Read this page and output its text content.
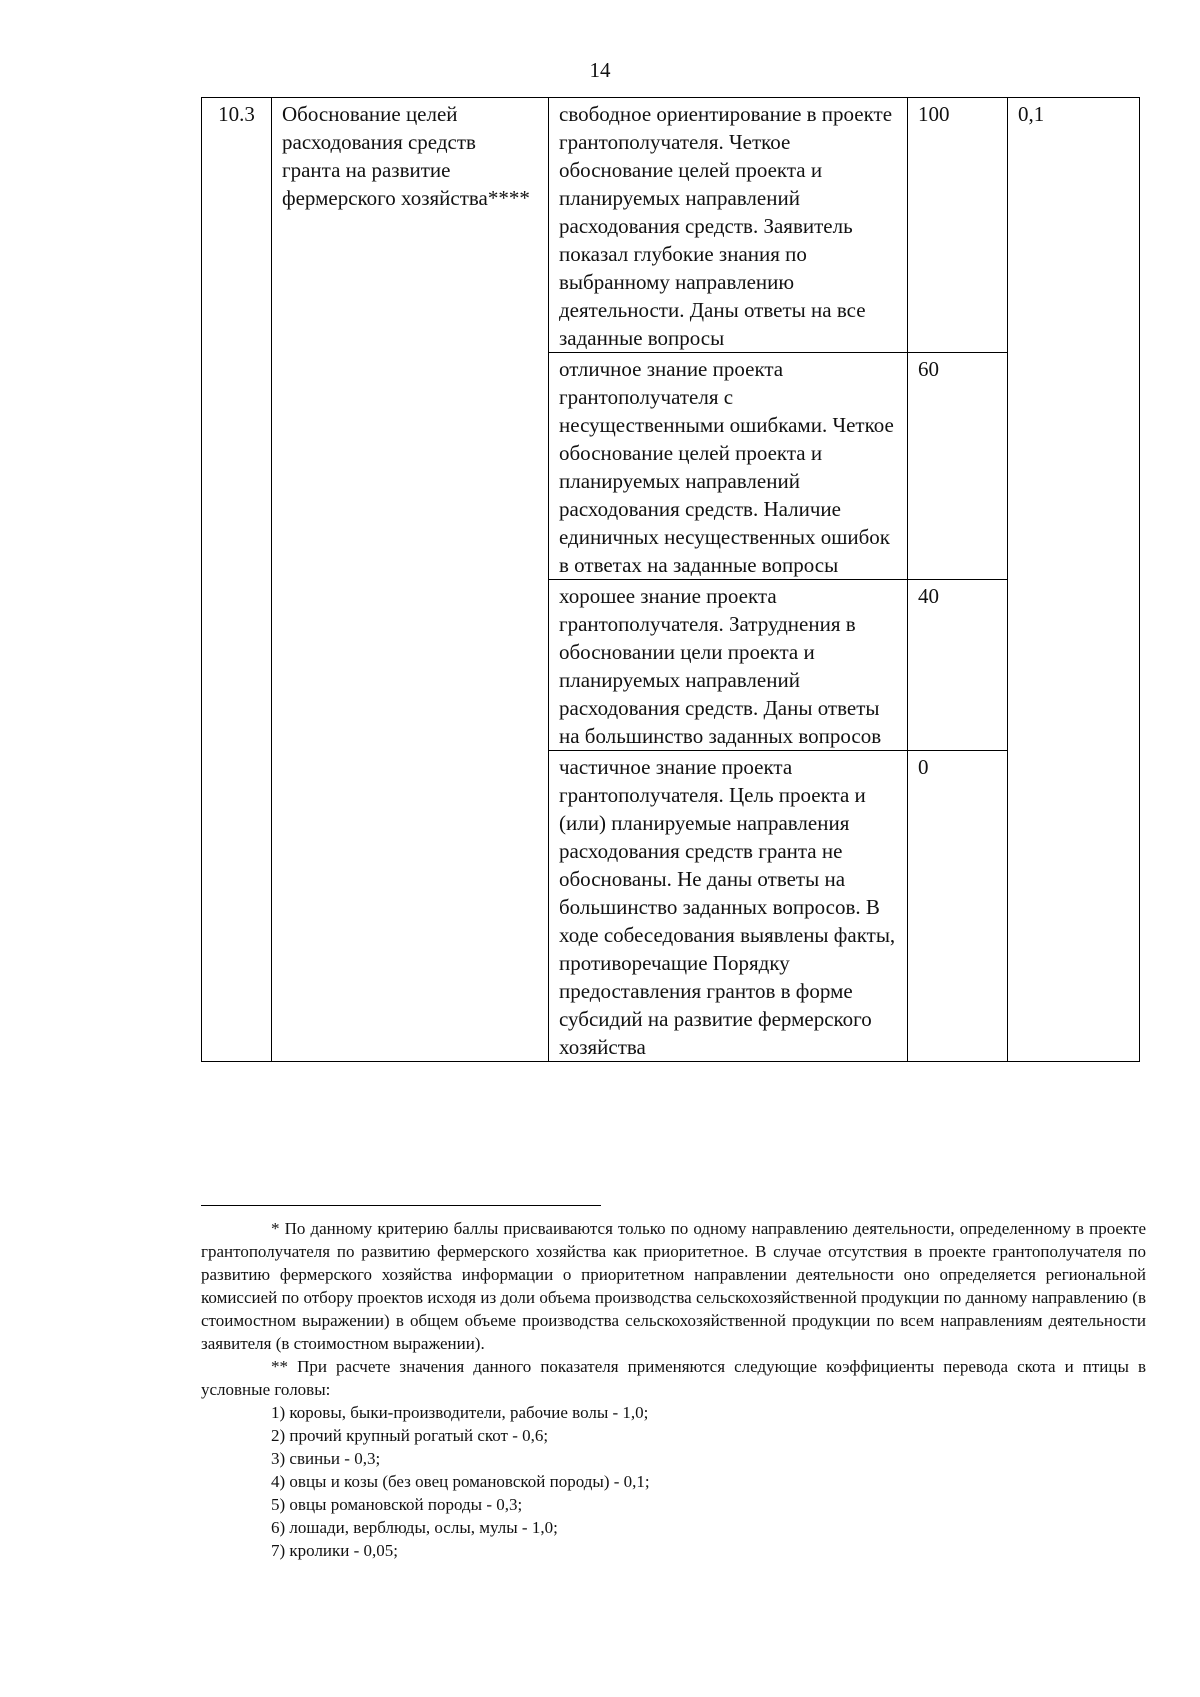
14
10.3	Обоснование целей расходования средств гранта на развитие фермерского хозяйства****	свободное ориентирование в проекте грантополучателя. Четкое обоснование целей проекта и планируемых направлений расходования средств. Заявитель показал глубокие знания по выбранному направлению деятельности. Даны ответы на все заданные вопросы	100	0,1
		отличное знание проекта грантополучателя с несущественными ошибками. Четкое обоснование целей проекта и планируемых направлений расходования средств. Наличие единичных несущественных ошибок в ответах на заданные вопросы	60	
		хорошее знание проекта грантополучателя. Затруднения в обосновании цели проекта и планируемых направлений расходования средств. Даны ответы на большинство заданных вопросов	40	
		частичное знание проекта грантополучателя. Цель проекта и (или) планируемые направления расходования средств гранта не обоснованы. Не даны ответы на большинство заданных вопросов. В ходе собеседования выявлены факты, противоречащие Порядку предоставления грантов в форме субсидий на развитие фермерского хозяйства	0	

* По данному критерию баллы присваиваются только по одному направлению деятельности, определенному в проекте грантополучателя по развитию фермерского хозяйства как приоритетное. В случае отсутствия в проекте грантополучателя по развитию фермерского хозяйства информации о приоритетном направлении деятельности оно определяется региональной комиссией по отбору проектов исходя из доли объема производства сельскохозяйственной продукции по данному направлению (в стоимостном выражении) в общем объеме производства сельскохозяйственной продукции по всем направлениям деятельности заявителя (в стоимостном выражении).

** При расчете значения данного показателя применяются следующие коэффициенты перевода скота и птицы в условные головы:

1) коровы, быки-производители, рабочие волы - 1,0;

2) прочий крупный рогатый скот - 0,6;

3) свиньи - 0,3;

4) овцы и козы (без овец романовской породы) - 0,1;

5) овцы романовской породы - 0,3;

6) лошади, верблюды, ослы, мулы - 1,0;

7) кролики - 0,05;
